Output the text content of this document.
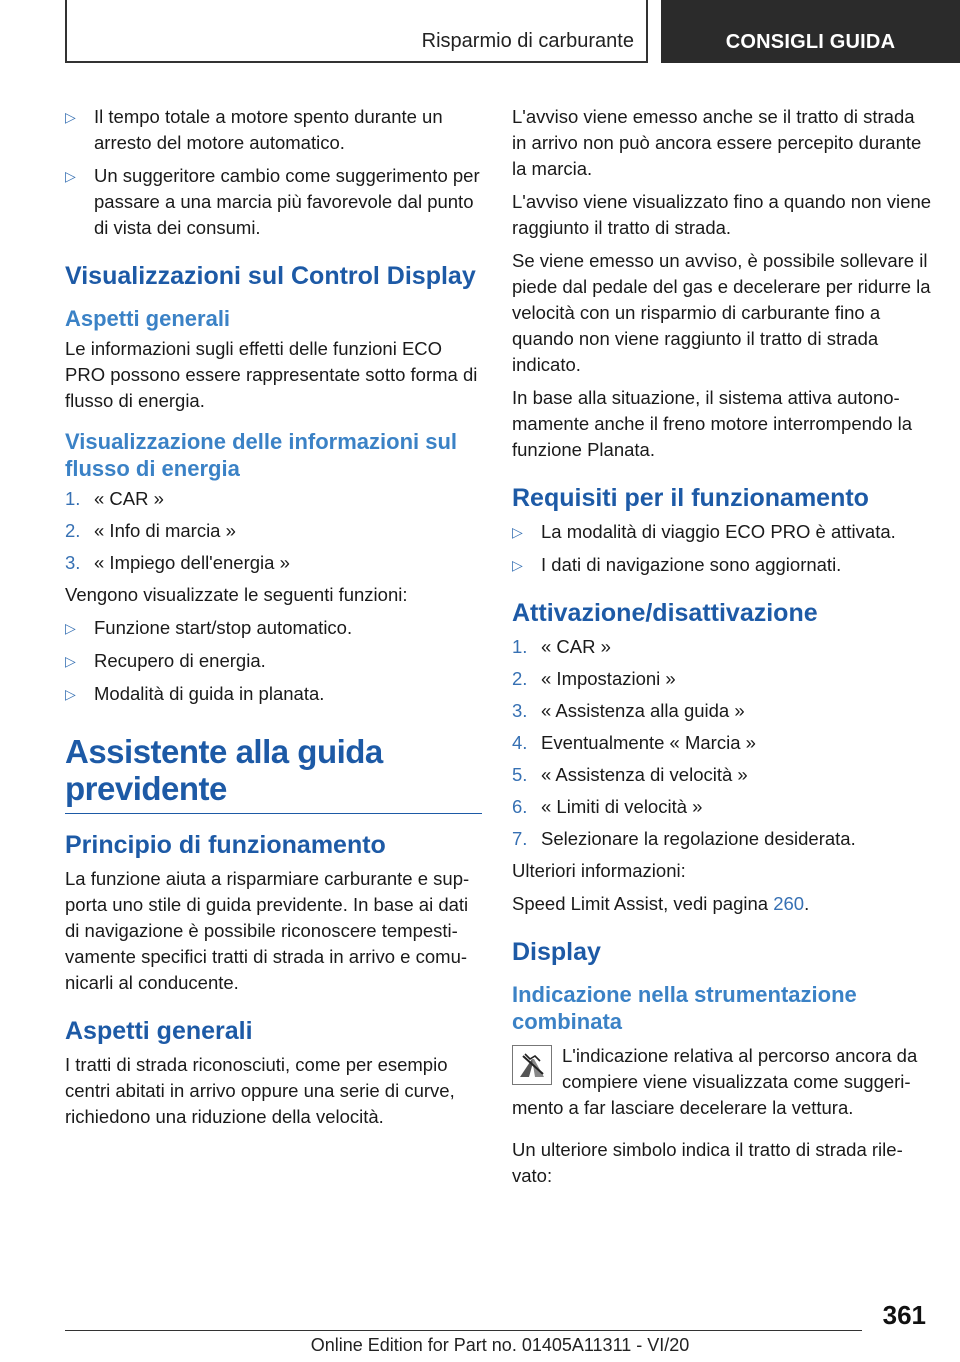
Risparmio di carburante	CONSIGLI GUIDA
▷ Il tempo totale a motore spento durante un arresto del motore automatico.
▷ Un suggeritore cambio come suggerimento per passare a una marcia più favorevole dal punto di vista dei consumi.
Visualizzazioni sul Control Display
Aspetti generali

Le informazioni sugli effetti delle funzioni ECO PRO possono essere rappresentate sotto forma di flusso di energia.

Visualizzazione delle informazioni sul flusso di energia
1. « CAR »
2. « Info di marcia »
3. « Impiego dell'energia »

Vengono visualizzate le seguenti funzioni:

▷ Funzione start/stop automatico.
▷ Recupero di energia.
▷ Modalità di guida in planata.
Assistente alla guida previdente
Principio di funzionamento

La funzione aiuta a risparmiare carburante e supporta uno stile di guida previdente. In base ai dati di navigazione è possibile riconoscere tempestivamente specifici tratti di strada in arrivo e comunicarli al conducente.

Aspetti generali

I tratti di strada riconosciuti, come per esempio centri abitati in arrivo oppure una serie di curve, richiedono una riduzione della velocità.

L'avviso viene emesso anche se il tratto di strada in arrivo non può ancora essere percepito durante la marcia.

L'avviso viene visualizzato fino a quando non viene raggiunto il tratto di strada.

Se viene emesso un avviso, è possibile sollevare il piede dal pedale del gas e decelerare per ridurre la velocità con un risparmio di carburante fino a quando non viene raggiunto il tratto di strada indicato.

In base alla situazione, il sistema attiva autonomamente anche il freno motore interrompendo la funzione Planata.

Requisiti per il funzionamento
▷ La modalità di viaggio ECO PRO è attivata.
▷ I dati di navigazione sono aggiornati.
Attivazione/disattivazione
1. « CAR »
2. « Impostazioni »
3. « Assistenza alla guida »
4. Eventualmente « Marcia »
5. « Assistenza di velocità »
6. « Limiti di velocità »
7. Selezionare la regolazione desiderata.

Ulteriori informazioni:

Speed Limit Assist, vedi pagina 260.

Display
Indicazione nella strumentazione combinata
L'indicazione relativa al percorso ancora da compiere viene visualizzata come suggerimento a far lasciare decelerare la vettura.

Un ulteriore simbolo indica il tratto di strada rilevato:

361
Online Edition for Part no. 01405A11311 - VI/20
